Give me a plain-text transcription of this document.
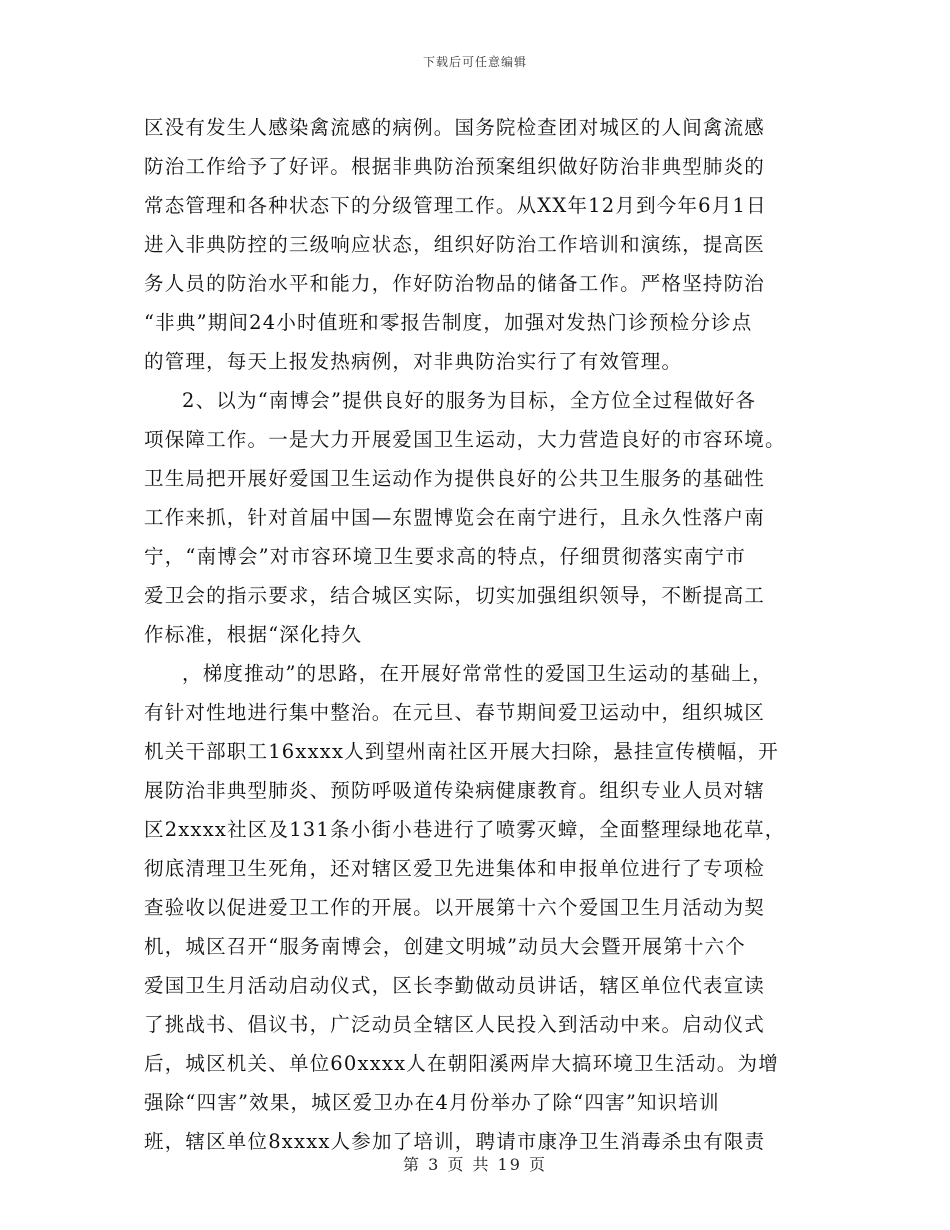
下载后可任意编辑
区没有发生人感染禽流感的病例。国务院检查团对城区的人间禽流感
防治工作给予了好评。根据非典防治预案组织做好防治非典型肺炎的
常态管理和各种状态下的分级管理工作。从XX年12月到今年6月1日
进入非典防控的三级响应状态，组织好防治工作培训和演练，提高医
务人员的防治水平和能力，作好防治物品的储备工作。严格坚持防治
“非典”期间24小时值班和零报告制度，加强对发热门诊预检分诊点
的管理，每天上报发热病例，对非典防治实行了有效管理。
2、以为“南博会”提供良好的服务为目标，全方位全过程做好各
项保障工作。一是大力开展爱国卫生运动，大力营造良好的市容环境。
卫生局把开展好爱国卫生运动作为提供良好的公共卫生服务的基础性
工作来抓，针对首届中国—东盟博览会在南宁进行，且永久性落户南
宁，“南博会”对市容环境卫生要求高的特点，仔细贯彻落实南宁市
爱卫会的指示要求，结合城区实际，切实加强组织领导，不断提高工
作标准，根据“深化持久
，梯度推动”的思路，在开展好常常性的爱国卫生运动的基础上，
有针对性地进行集中整治。在元旦、春节期间爱卫运动中，组织城区
机关干部职工16xxxx人到望州南社区开展大扫除，悬挂宣传横幅，开
展防治非典型肺炎、预防呼吸道传染病健康教育。组织专业人员对辖
区2xxxx社区及131条小街小巷进行了喷雾灭蟑，全面整理绿地花草，
彻底清理卫生死角，还对辖区爱卫先进集体和申报单位进行了专项检
查验收以促进爱卫工作的开展。以开展第十六个爱国卫生月活动为契
机，城区召开“服务南博会，创建文明城”动员大会暨开展第十六个
爱国卫生月活动启动仪式，区长李勤做动员讲话，辖区单位代表宣读
了挑战书、倡议书，广泛动员全辖区人民投入到活动中来。启动仪式
后，城区机关、单位60xxxx人在朝阳溪两岸大搞环境卫生活动。为增
强除“四害”效果，城区爱卫办在4月份举办了除“四害”知识培训
班，辖区单位8xxxx人参加了培训，聘请市康净卫生消毒杀虫有限责
第 3 页 共 19 页
